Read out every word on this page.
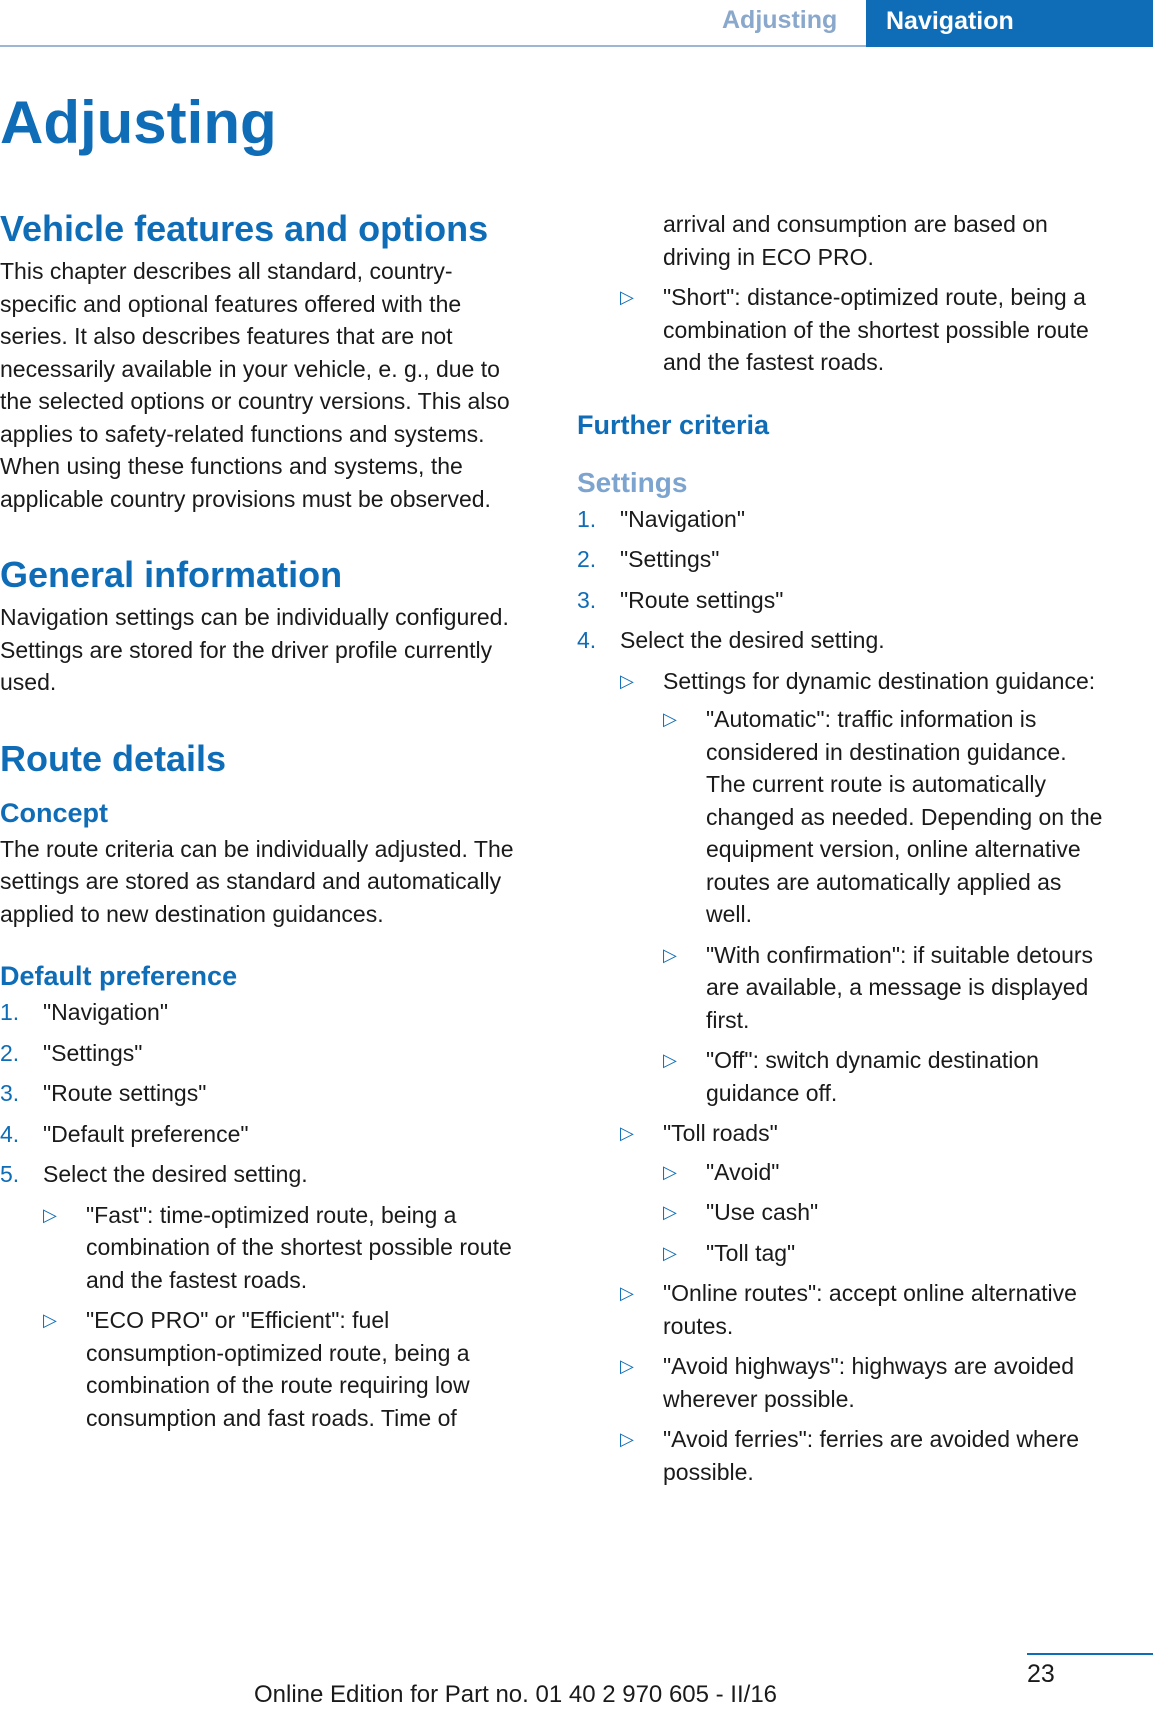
Adjusting Navigation
Adjusting
Vehicle features and options

This chapter describes all standard, country-specific and optional features offered with the series. It also describes features that are not necessarily available in your vehicle, e. g., due to the selected options or country versions. This also applies to safety-related functions and systems. When using these functions and systems, the applicable country provisions must be observed.

General information

Navigation settings can be individually configured. Settings are stored for the driver profile currently used.

Route details
Concept

The route criteria can be individually adjusted. The settings are stored as standard and automatically applied to new destination guidances.

Default preference
1. "Navigation"
2. "Settings"
3. "Route settings"
4. "Default preference"
5. Select the desired setting.
▷ "Fast": time-optimized route, being a combination of the shortest possible route and the fastest roads.
▷ "ECO PRO" or "Efficient": fuel consumption-optimized route, being a combination of the route requiring low consumption and fast roads. Time of

arrival and consumption are based on driving in ECO PRO.

▷ "Short": distance-optimized route, being a combination of the shortest possible route and the fastest roads.
Further criteria
Settings
1. "Navigation"
2. "Settings"
3. "Route settings"
4. Select the desired setting.
▷ Settings for dynamic destination guidance:
▷ "Automatic": traffic information is considered in destination guidance. The current route is automatically changed as needed. Depending on the equipment version, online alternative routes are automatically applied as well.
▷ "With confirmation": if suitable detours are available, a message is displayed first.
▷ "Off": switch dynamic destination guidance off.
▷ "Toll roads"
▷ "Avoid"
▷ "Use cash"
▷ "Toll tag"
▷ "Online routes": accept online alternative routes.
▷ "Avoid highways": highways are avoided wherever possible.
▷ "Avoid ferries": ferries are avoided where possible.
23
Online Edition for Part no. 01 40 2 970 605 - II/16
